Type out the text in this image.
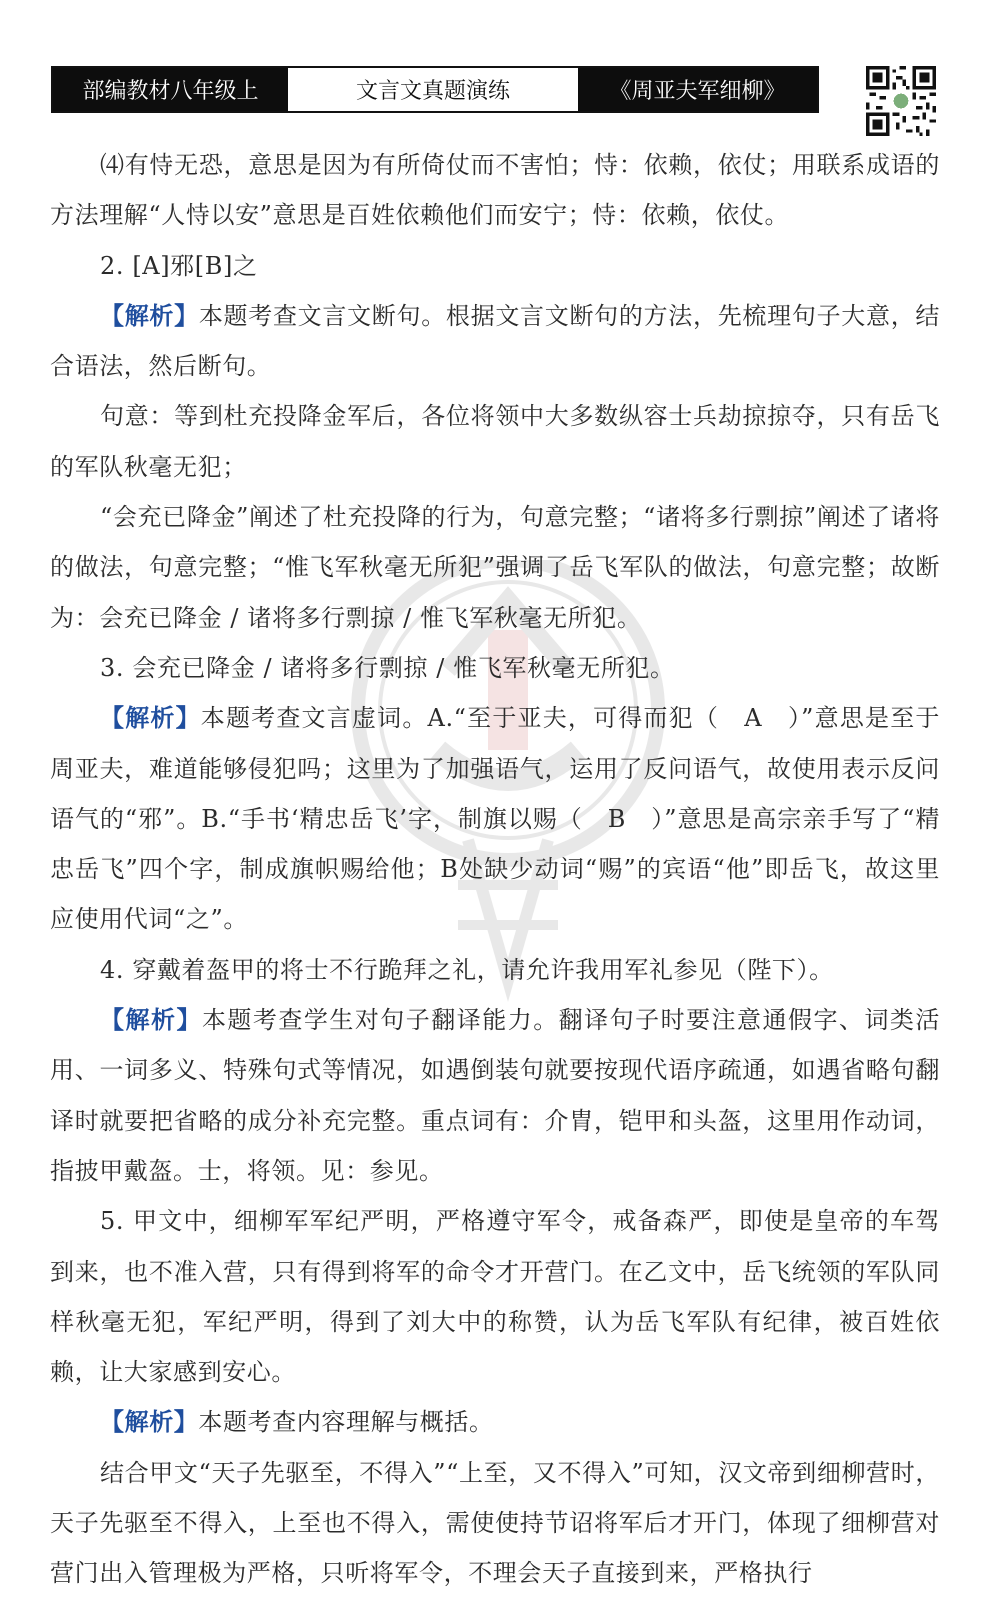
部编教材八年级上	文言文真题演练	《周亚夫军细柳》

⑷有恃无恐，意思是因为有所倚仗而不害怕；恃：依赖，依仗；用联系成语的方法理解“人恃以安”意思是百姓依赖他们而安宁；恃：依赖，依仗。

2. [A]邪[B]之

【解析】本题考查文言文断句。根据文言文断句的方法，先梳理句子大意，结合语法，然后断句。

句意：等到杜充投降金军后，各位将领中大多数纵容士兵劫掠掠夺，只有岳飞的军队秋毫无犯；

“会充已降金”阐述了杜充投降的行为，句意完整；“诸将多行剽掠”阐述了诸将的做法，句意完整；“惟飞军秋毫无所犯”强调了岳飞军队的做法，句意完整；故断为：会充已降金 / 诸将多行剽掠 / 惟飞军秋毫无所犯。

3. 会充已降金 / 诸将多行剽掠 / 惟飞军秋毫无所犯。

【解析】本题考查文言虚词。A.“至于亚夫，可得而犯（　A　）”意思是至于周亚夫，难道能够侵犯吗；这里为了加强语气，运用了反问语气，故使用表示反问语气的“邪”。B.“手书‘精忠岳飞’字，制旗以赐（　B　）”意思是高宗亲手写了“精忠岳飞”四个字，制成旗帜赐给他；B处缺少动词“赐”的宾语“他”即岳飞，故这里应使用代词“之”。

4. 穿戴着盔甲的将士不行跪拜之礼，请允许我用军礼参见（陛下）。

【解析】本题考查学生对句子翻译能力。翻译句子时要注意通假字、词类活用、一词多义、特殊句式等情况，如遇倒装句就要按现代语序疏通，如遇省略句翻译时就要把省略的成分补充完整。重点词有：介胄，铠甲和头盔，这里用作动词，指披甲戴盔。士，将领。见：参见。

5. 甲文中，细柳军军纪严明，严格遵守军令，戒备森严，即使是皇帝的车驾到来，也不准入营，只有得到将军的命令才开营门。在乙文中，岳飞统领的军队同样秋毫无犯，军纪严明，得到了刘大中的称赞，认为岳飞军队有纪律，被百姓依赖，让大家感到安心。

【解析】本题考查内容理解与概括。

结合甲文“天子先驱至，不得入”“上至，又不得入”可知，汉文帝到细柳营时，天子先驱至不得入，上至也不得入，需使使持节诏将军后才开门，体现了细柳营对营门出入管理极为严格，只听将军令，不理会天子直接到来，严格执行
